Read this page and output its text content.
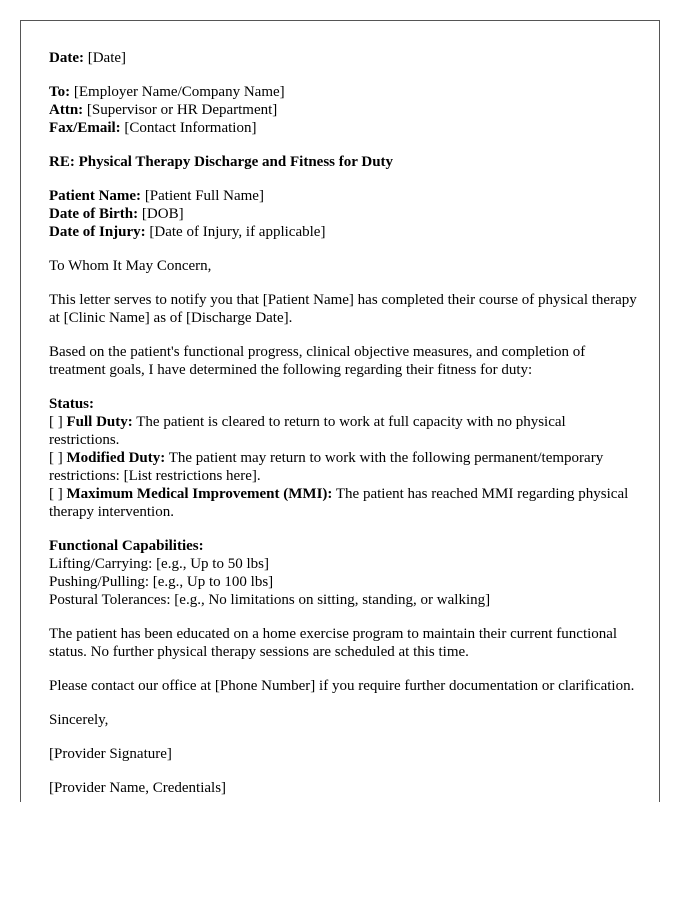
Date: [Date]
To: [Employer Name/Company Name]
Attn: [Supervisor or HR Department]
Fax/Email: [Contact Information]
RE: Physical Therapy Discharge and Fitness for Duty
Patient Name: [Patient Full Name]
Date of Birth: [DOB]
Date of Injury: [Date of Injury, if applicable]
To Whom It May Concern,
This letter serves to notify you that [Patient Name] has completed their course of physical therapy at [Clinic Name] as of [Discharge Date].
Based on the patient's functional progress, clinical objective measures, and completion of treatment goals, I have determined the following regarding their fitness for duty:
Status:
[ ] Full Duty: The patient is cleared to return to work at full capacity with no physical restrictions.
[ ] Modified Duty: The patient may return to work with the following permanent/temporary restrictions: [List restrictions here].
[ ] Maximum Medical Improvement (MMI): The patient has reached MMI regarding physical therapy intervention.
Functional Capabilities:
Lifting/Carrying: [e.g., Up to 50 lbs]
Pushing/Pulling: [e.g., Up to 100 lbs]
Postural Tolerances: [e.g., No limitations on sitting, standing, or walking]
The patient has been educated on a home exercise program to maintain their current functional status. No further physical therapy sessions are scheduled at this time.
Please contact our office at [Phone Number] if you require further documentation or clarification.
Sincerely,
[Provider Signature]
[Provider Name, Credentials]
